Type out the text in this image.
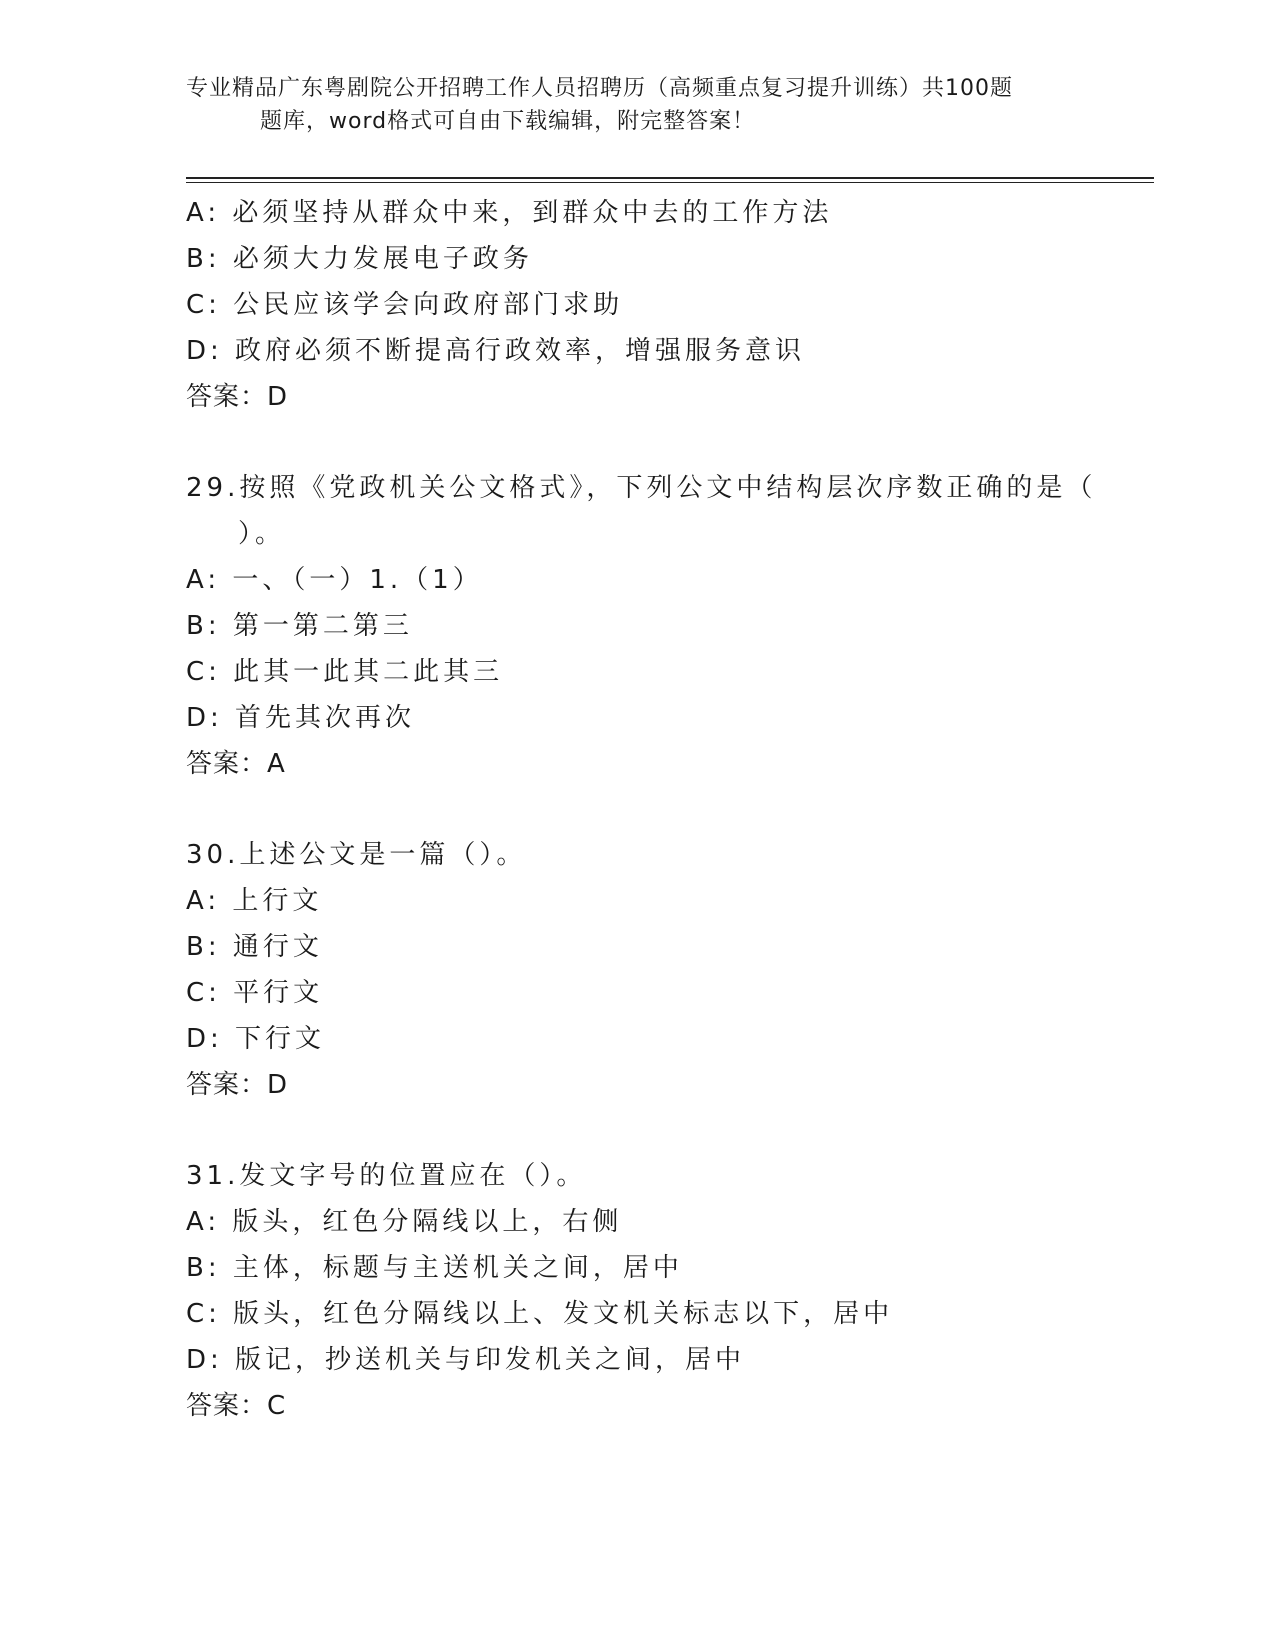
专业精品广东粤剧院公开招聘工作人员招聘历（高频重点复习提升训练）共100题
题库，word格式可自由下载编辑，附完整答案！
A: 必须坚持从群众中来，到群众中去的工作方法
B: 必须大力发展电子政务
C: 公民应该学会向政府部门求助
D: 政府必须不断提高行政效率，增强服务意识
答案：D
29.按照《党政机关公文格式》，下列公文中结构层次序数正确的是（
）。
A: 一、（一）1.（1）
B: 第一第二第三
C: 此其一此其二此其三
D: 首先其次再次
答案：A
30.上述公文是一篇（）。
A: 上行文
B: 通行文
C: 平行文
D: 下行文
答案：D
31.发文字号的位置应在（）。
A: 版头，红色分隔线以上，右侧
B: 主体，标题与主送机关之间，居中
C: 版头，红色分隔线以上、发文机关标志以下，居中
D: 版记，抄送机关与印发机关之间，居中
答案：C
